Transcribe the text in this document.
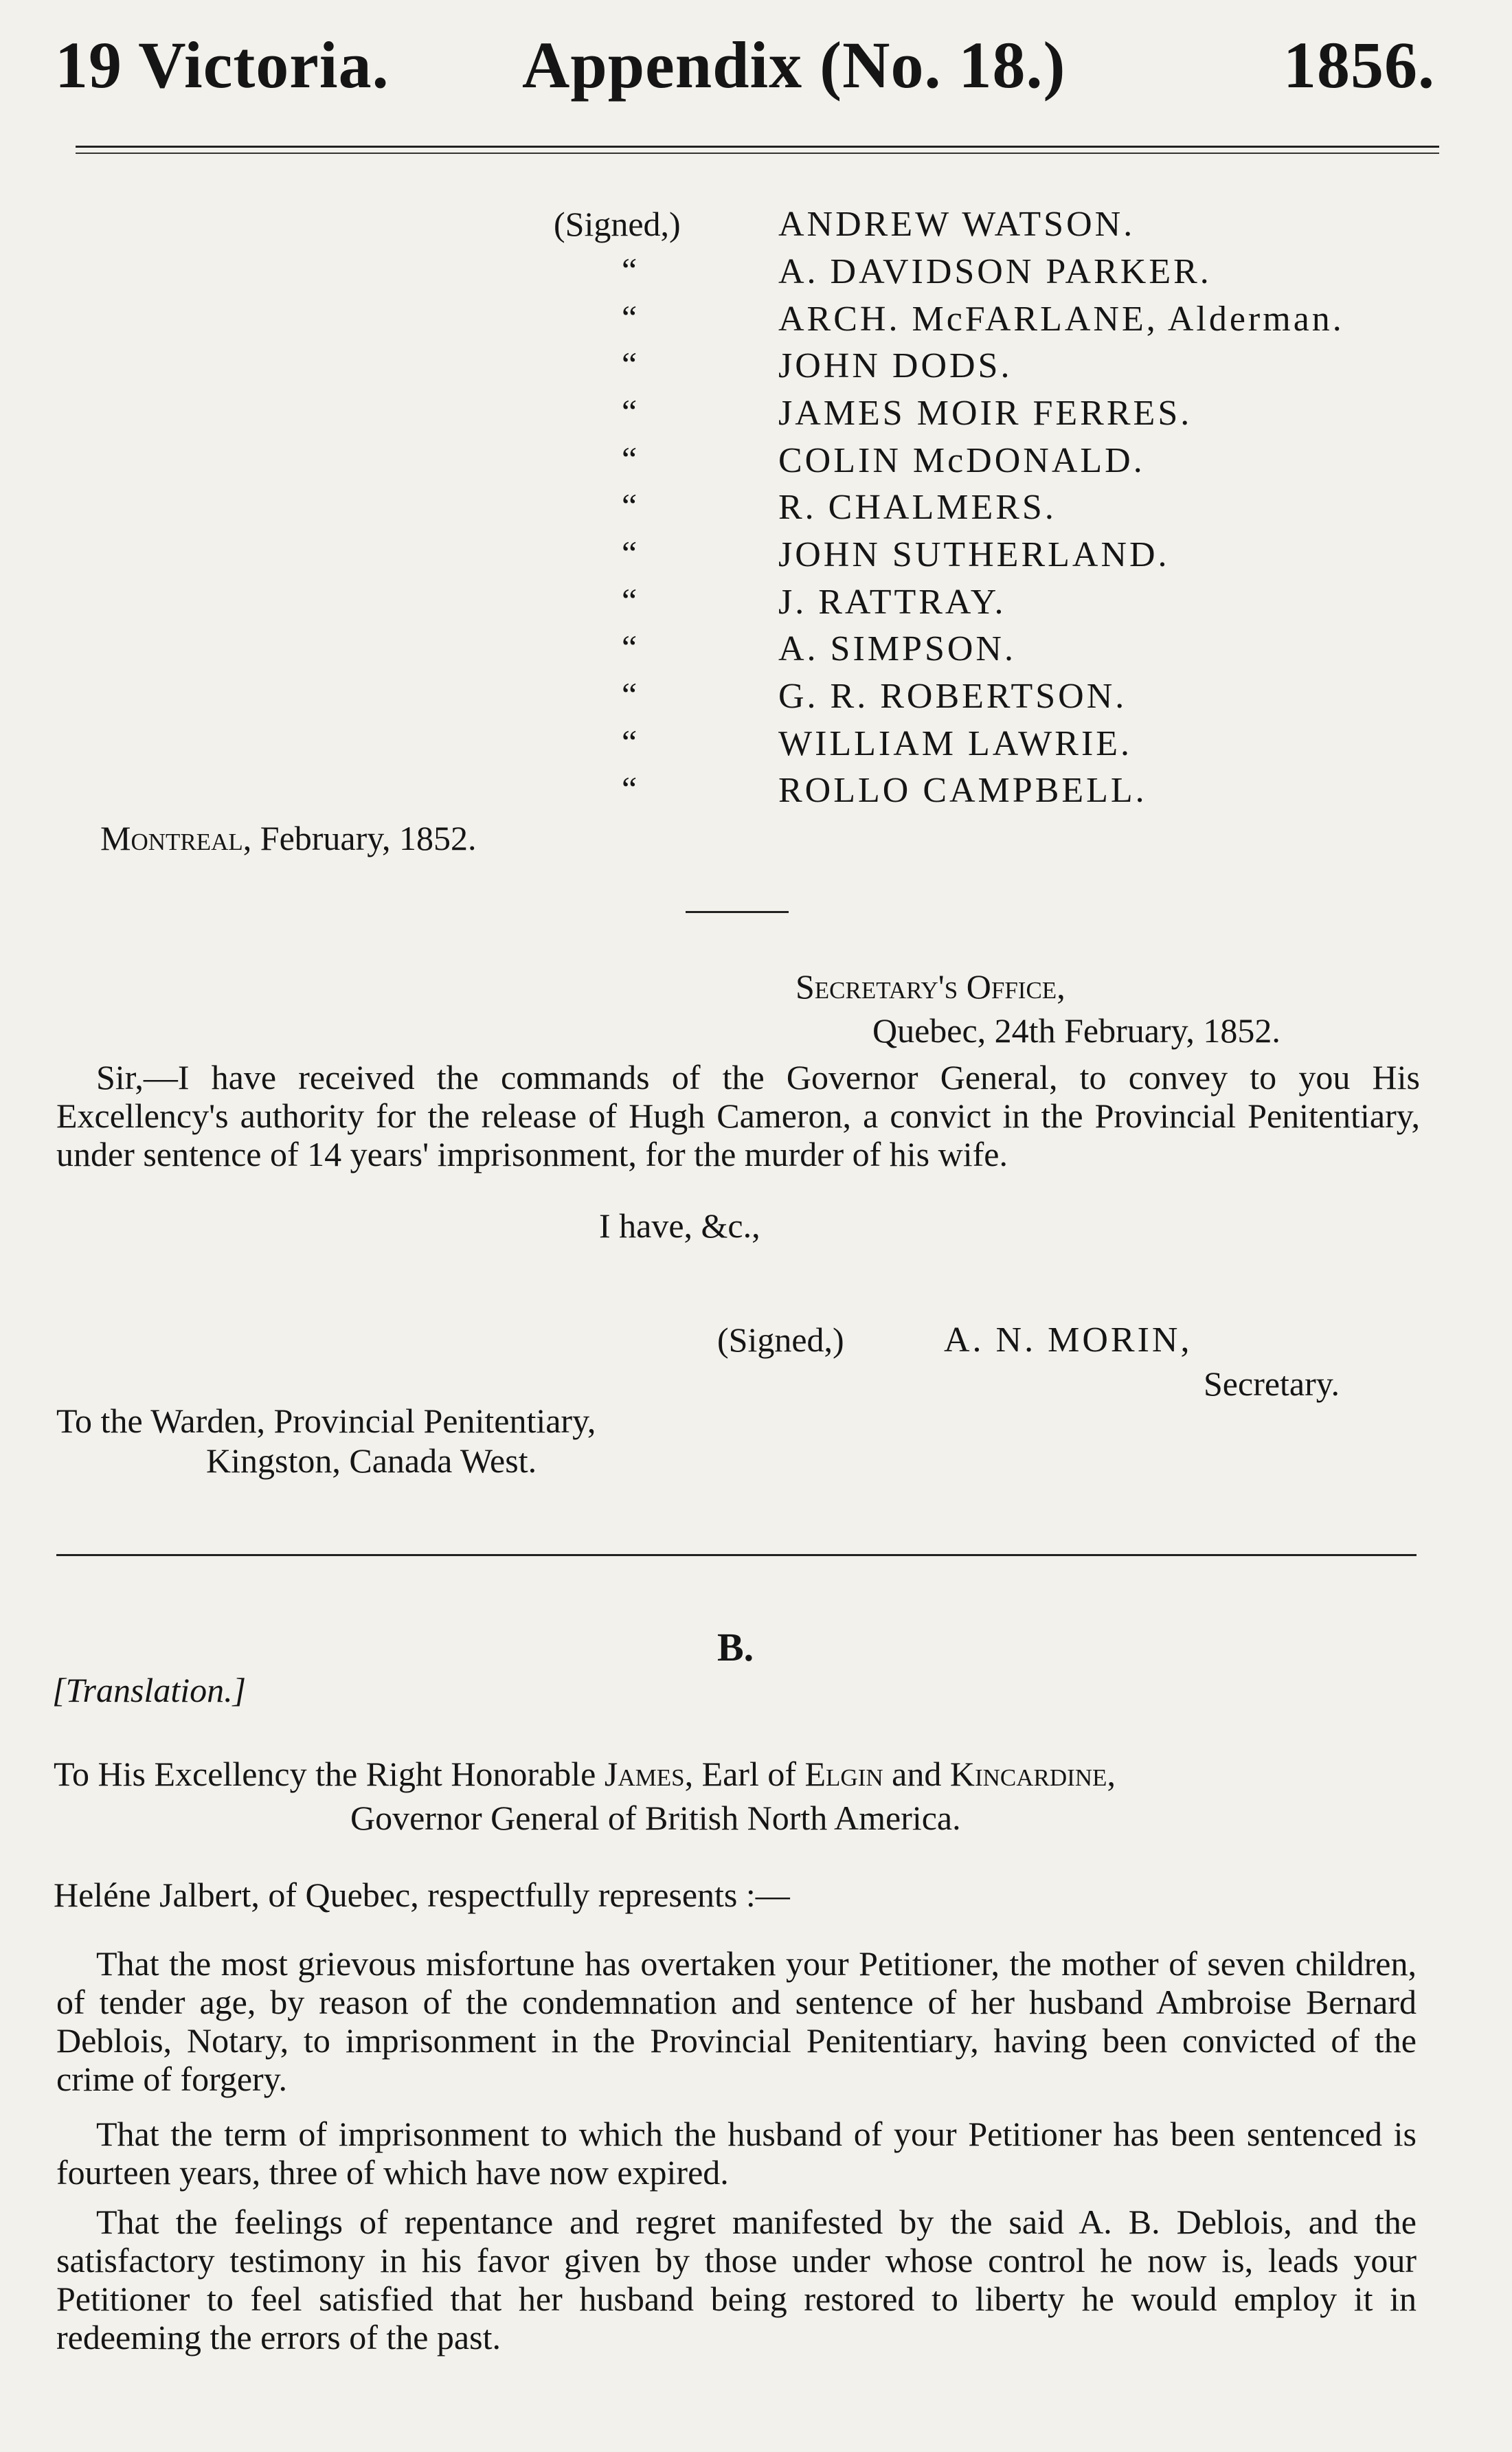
19 Victoria. Appendix (No. 18.)	1856.
(Signed,)
“
“
“
“
“
“
“
“
“
“
“
“
ANDREW WATSON.
A. DAVIDSON PARKER.
ARCH. McFARLANE, Alderman.
JOHN DODS.
JAMES MOIR FERRES.
COLIN McDONALD.
R. CHALMERS.
JOHN SUTHERLAND.
J. RATTRAY.
A. SIMPSON.
G. R. ROBERTSON.
WILLIAM LAWRIE.
ROLLO CAMPBELL.
Montreal, February, 1852.
Secretary's Office,
Quebec, 24th February, 1852.
Sir,—I have received the commands of the Governor General, to convey to you His Excellency's authority for the release of Hugh Cameron, a convict in the Provincial Penitentiary, under sentence of 14 years' imprisonment, for the murder of his wife.
I have, &c.,
(Signed,)	A. N. MORIN,
Secretary.
To the Warden, Provincial Penitentiary,
Kingston, Canada West.
B.
[Translation.]
To His Excellency the Right Honorable James, Earl of Elgin and Kincardine,
Governor General of British North America.
Heléne Jalbert, of Quebec, respectfully represents :—
That the most grievous misfortune has overtaken your Petitioner, the mother of seven children, of tender age, by reason of the condemnation and sentence of her husband Ambroise Bernard Deblois, Notary, to imprisonment in the Provincial Penitentiary, having been convicted of the crime of forgery.
That the term of imprisonment to which the husband of your Petitioner has been sentenced is fourteen years, three of which have now expired.
That the feelings of repentance and regret manifested by the said A. B. Deblois, and the satisfactory testimony in his favor given by those under whose control he now is, leads your Petitioner to feel satisfied that her husband being restored to liberty he would employ it in redeeming the errors of the past.
